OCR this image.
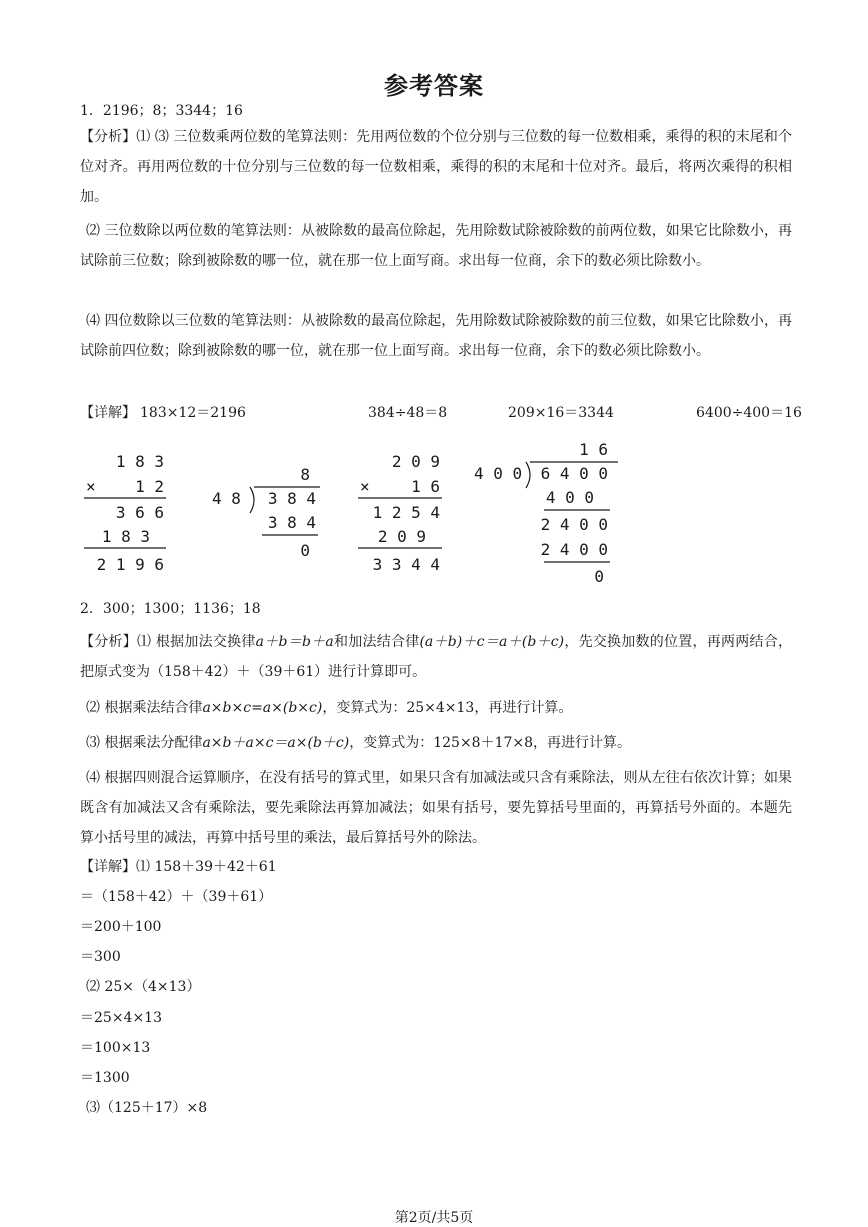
参考答案
1．2196；8；3344；16
【分析】⑴ ⑶ 三位数乘两位数的笔算法则：先用两位数的个位分别与三位数的每一位数相乘，乘得的积的末尾和个位对齐。再用两位数的十位分别与三位数的每一位数相乘，乘得的积的末尾和十位对齐。最后，将两次乘得的积相加。
⑵ 三位数除以两位数的笔算法则：从被除数的最高位除起，先用除数试除被除数的前两位数，如果它比除数小，再试除前三位数；除到被除数的哪一位，就在那一位上面写商。求出每一位商，余下的数必须比除数小。
⑷ 四位数除以三位数的笔算法则：从被除数的最高位除起，先用除数试除被除数的前三位数，如果它比除数小，再试除前四位数；除到被除数的哪一位，就在那一位上面写商。求出每一位商，余下的数必须比除数小。
【详解】 183×12＝2196	384÷48＝8	209×16＝3344	6400÷400＝16
1 8 3
× 1 2
3 6 6
1 8 3
2 1 9 6
8
4 8 3 8 4
3 8 4
0
2 0 9
×	1 6
1 2 5 4
2 0 9
3 3 4 4
1 6
4 0 0 6 4 0 0
4 0 0
2 4 0 0
2 4 0 0
0
2．300；1300；1136；18
【分析】⑴ 根据加法交换律a＋b＝b＋a和加法结合律(a＋b)＋c＝a＋(b＋c)，先交换加数的位置，再两两结合，把原式变为（158＋42）＋（39＋61）进行计算即可。
⑵ 根据乘法结合律a×b×c=a×(b×c)，变算式为：25×4×13，再进行计算。
⑶ 根据乘法分配律a×b＋a×c＝a×(b＋c)，变算式为：125×8＋17×8，再进行计算。
⑷ 根据四则混合运算顺序，在没有括号的算式里，如果只含有加减法或只含有乘除法，则从左往右依次计算；如果既含有加减法又含有乘除法，要先乘除法再算加减法；如果有括号，要先算括号里面的，再算括号外面的。本题先算小括号里的减法，再算中括号里的乘法，最后算括号外的除法。
【详解】⑴ 158＋39＋42＋61
＝（158＋42）＋（39＋61）
＝200＋100
＝300
⑵ 25×（4×13）
＝25×4×13
＝100×13
＝1300
⑶（125＋17）×8
第2页/共5页
